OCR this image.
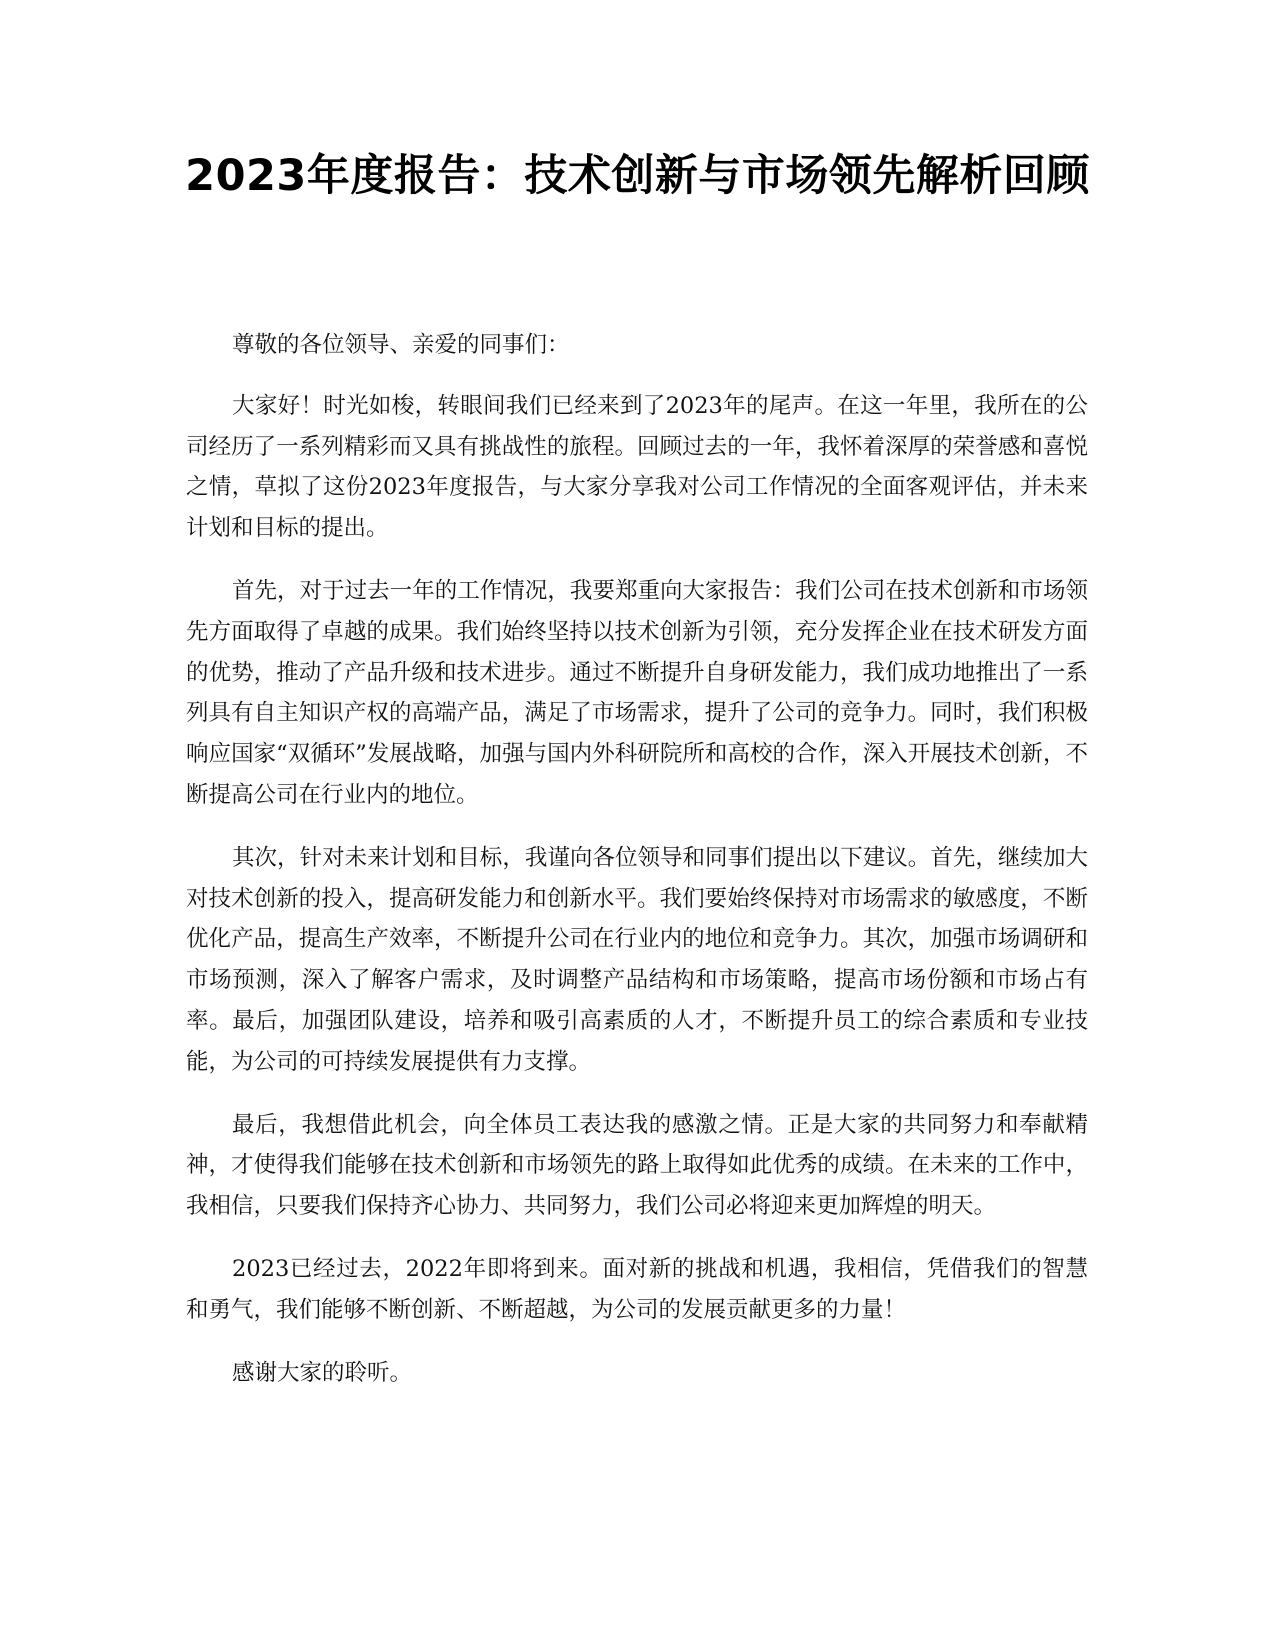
2023年度报告：技术创新与市场领先解析回顾

尊敬的各位领导、亲爱的同事们：

大家好！时光如梭，转眼间我们已经来到了2023年的尾声。在这一年里，我所在的公司经历了一系列精彩而又具有挑战性的旅程。回顾过去的一年，我怀着深厚的荣誉感和喜悦之情，草拟了这份2023年度报告，与大家分享我对公司工作情况的全面客观评估，并未来计划和目标的提出。

首先，对于过去一年的工作情况，我要郑重向大家报告：我们公司在技术创新和市场领先方面取得了卓越的成果。我们始终坚持以技术创新为引领，充分发挥企业在技术研发方面的优势，推动了产品升级和技术进步。通过不断提升自身研发能力，我们成功地推出了一系列具有自主知识产权的高端产品，满足了市场需求，提升了公司的竞争力。同时，我们积极响应国家“双循环”发展战略，加强与国内外科研院所和高校的合作，深入开展技术创新，不断提高公司在行业内的地位。

其次，针对未来计划和目标，我谨向各位领导和同事们提出以下建议。首先，继续加大对技术创新的投入，提高研发能力和创新水平。我们要始终保持对市场需求的敏感度，不断优化产品，提高生产效率，不断提升公司在行业内的地位和竞争力。其次，加强市场调研和市场预测，深入了解客户需求，及时调整产品结构和市场策略，提高市场份额和市场占有率。最后，加强团队建设，培养和吸引高素质的人才，不断提升员工的综合素质和专业技能，为公司的可持续发展提供有力支撑。

最后，我想借此机会，向全体员工表达我的感激之情。正是大家的共同努力和奉献精神，才使得我们能够在技术创新和市场领先的路上取得如此优秀的成绩。在未来的工作中，我相信，只要我们保持齐心协力、共同努力，我们公司必将迎来更加辉煌的明天。

2023已经过去，2022年即将到来。面对新的挑战和机遇，我相信，凭借我们的智慧和勇气，我们能够不断创新、不断超越，为公司的发展贡献更多的力量！

感谢大家的聆听。
